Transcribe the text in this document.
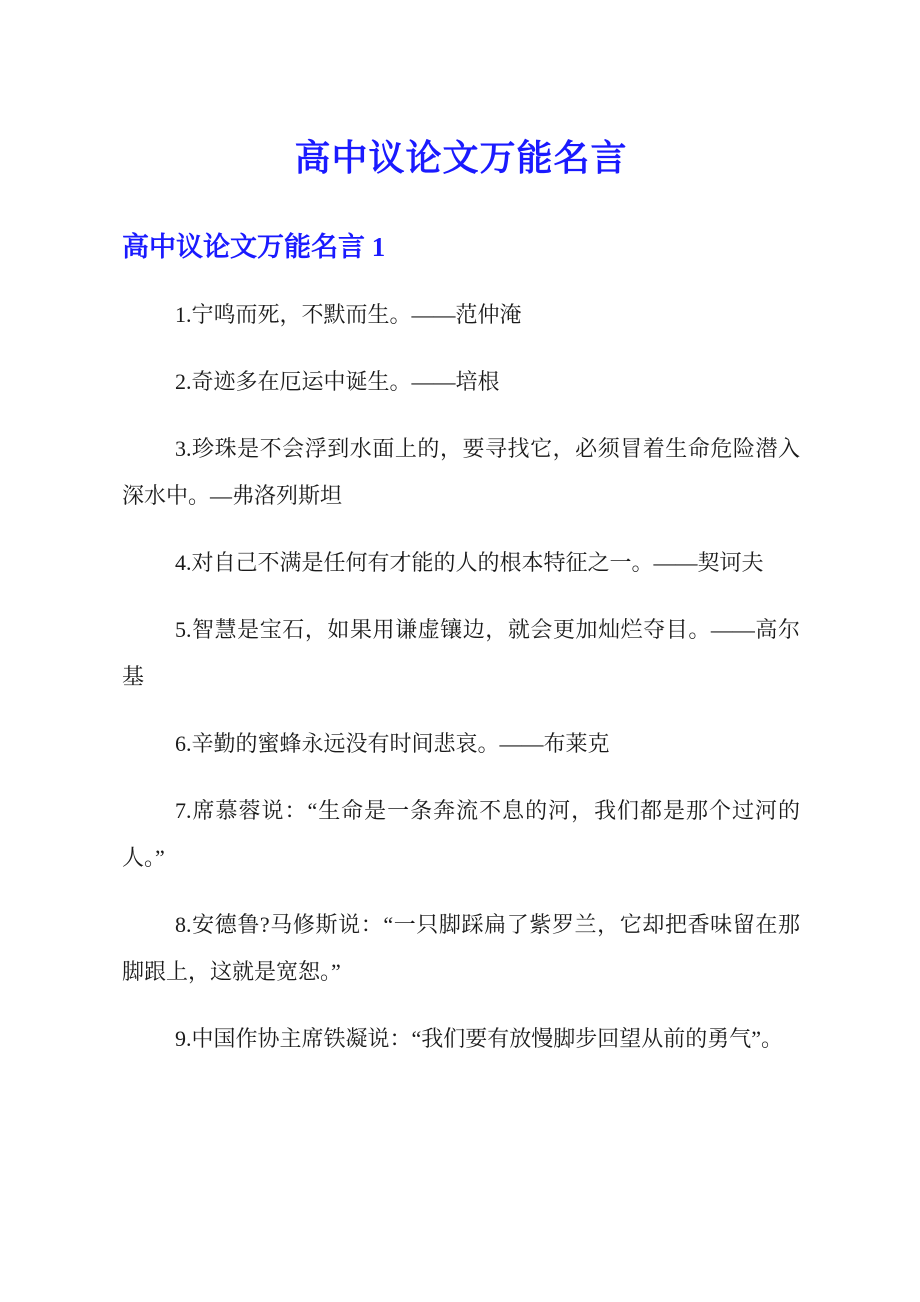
高中议论文万能名言
高中议论文万能名言 1

1.宁鸣而死，不默而生。——范仲淹

2.奇迹多在厄运中诞生。——培根

3.珍珠是不会浮到水面上的，要寻找它，必须冒着生命危险潜入深水中。—弗洛列斯坦

4.对自己不满是任何有才能的人的根本特征之一。——契诃夫

5.智慧是宝石，如果用谦虚镶边，就会更加灿烂夺目。——高尔基

6.辛勤的蜜蜂永远没有时间悲哀。——布莱克

7.席慕蓉说：“生命是一条奔流不息的河，我们都是那个过河的人。”

8.安德鲁?马修斯说：“一只脚踩扁了紫罗兰，它却把香味留在那脚跟上，这就是宽恕。”

9.中国作协主席铁凝说：“我们要有放慢脚步回望从前的勇气”。
